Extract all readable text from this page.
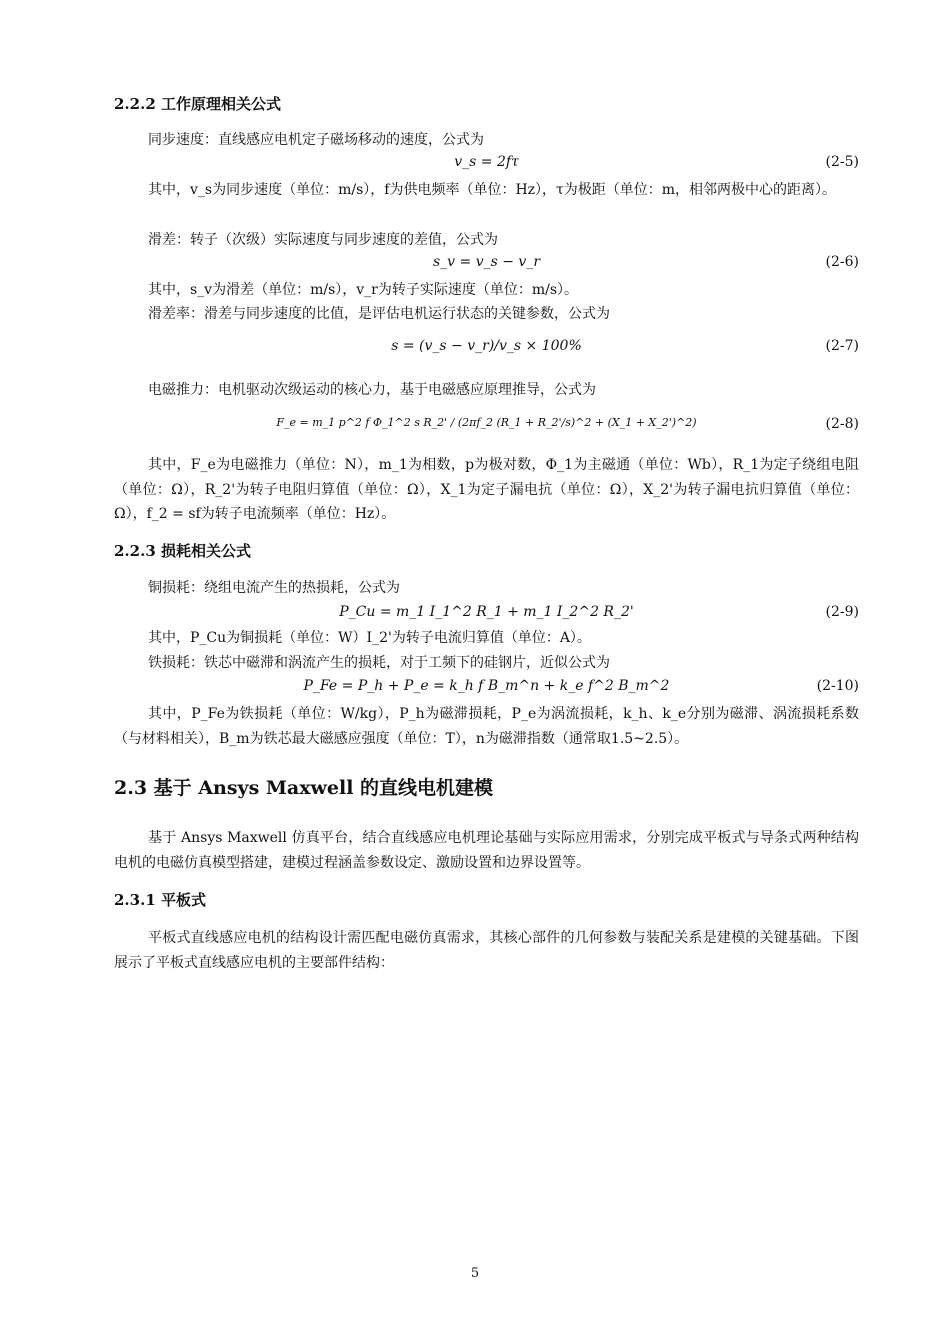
2.2.2 工作原理相关公式

同步速度：直线感应电机定子磁场移动的速度，公式为

v_s = 2fτ	(2-5)

其中，v_s为同步速度（单位：m/s），f为供电频率（单位：Hz），τ为极距（单位：m，相邻两极中心的距离）。

滑差：转子（次级）实际速度与同步速度的差值，公式为

s_v = v_s − v_r	(2-6)

其中，s_v为滑差（单位：m/s），v_r为转子实际速度（单位：m/s）。

滑差率：滑差与同步速度的比值，是评估电机运行状态的关键参数，公式为

s = (v_s − v_r)/v_s × 100%	(2-7)

电磁推力：电机驱动次级运动的核心力，基于电磁感应原理推导，公式为

F_e = m_1 p^2 f Φ_1^2 s R_2' / (2πf_2 (R_1 + R_2'/s)^2 + (X_1 + X_2')^2)	(2-8)

其中，F_e为电磁推力（单位：N），m_1为相数，p为极对数，Φ_1为主磁通（单位：Wb），R_1为定子绕组电阻（单位：Ω），R_2'为转子电阻归算值（单位：Ω），X_1为定子漏电抗（单位：Ω），X_2'为转子漏电抗归算值（单位：Ω），f_2 = sf为转子电流频率（单位：Hz）。

2.2.3 损耗相关公式

铜损耗：绕组电流产生的热损耗，公式为

P_Cu = m_1 I_1^2 R_1 + m_1 I_2^2 R_2'	(2-9)

其中，P_Cu为铜损耗（单位：W）I_2'为转子电流归算值（单位：A）。

铁损耗：铁芯中磁滞和涡流产生的损耗，对于工频下的硅钢片，近似公式为

P_Fe = P_h + P_e = k_h f B_m^n + k_e f^2 B_m^2	(2-10)

其中，P_Fe为铁损耗（单位：W/kg），P_h为磁滞损耗，P_e为涡流损耗，k_h、k_e分别为磁滞、涡流损耗系数（与材料相关），B_m为铁芯最大磁感应强度（单位：T），n为磁滞指数（通常取1.5~2.5）。

2.3 基于 Ansys Maxwell 的直线电机建模

基于 Ansys Maxwell 仿真平台，结合直线感应电机理论基础与实际应用需求，分别完成平板式与导条式两种结构电机的电磁仿真模型搭建，建模过程涵盖参数设定、激励设置和边界设置等。

2.3.1 平板式

平板式直线感应电机的结构设计需匹配电磁仿真需求，其核心部件的几何参数与装配关系是建模的关键基础。下图展示了平板式直线感应电机的主要部件结构：

5
